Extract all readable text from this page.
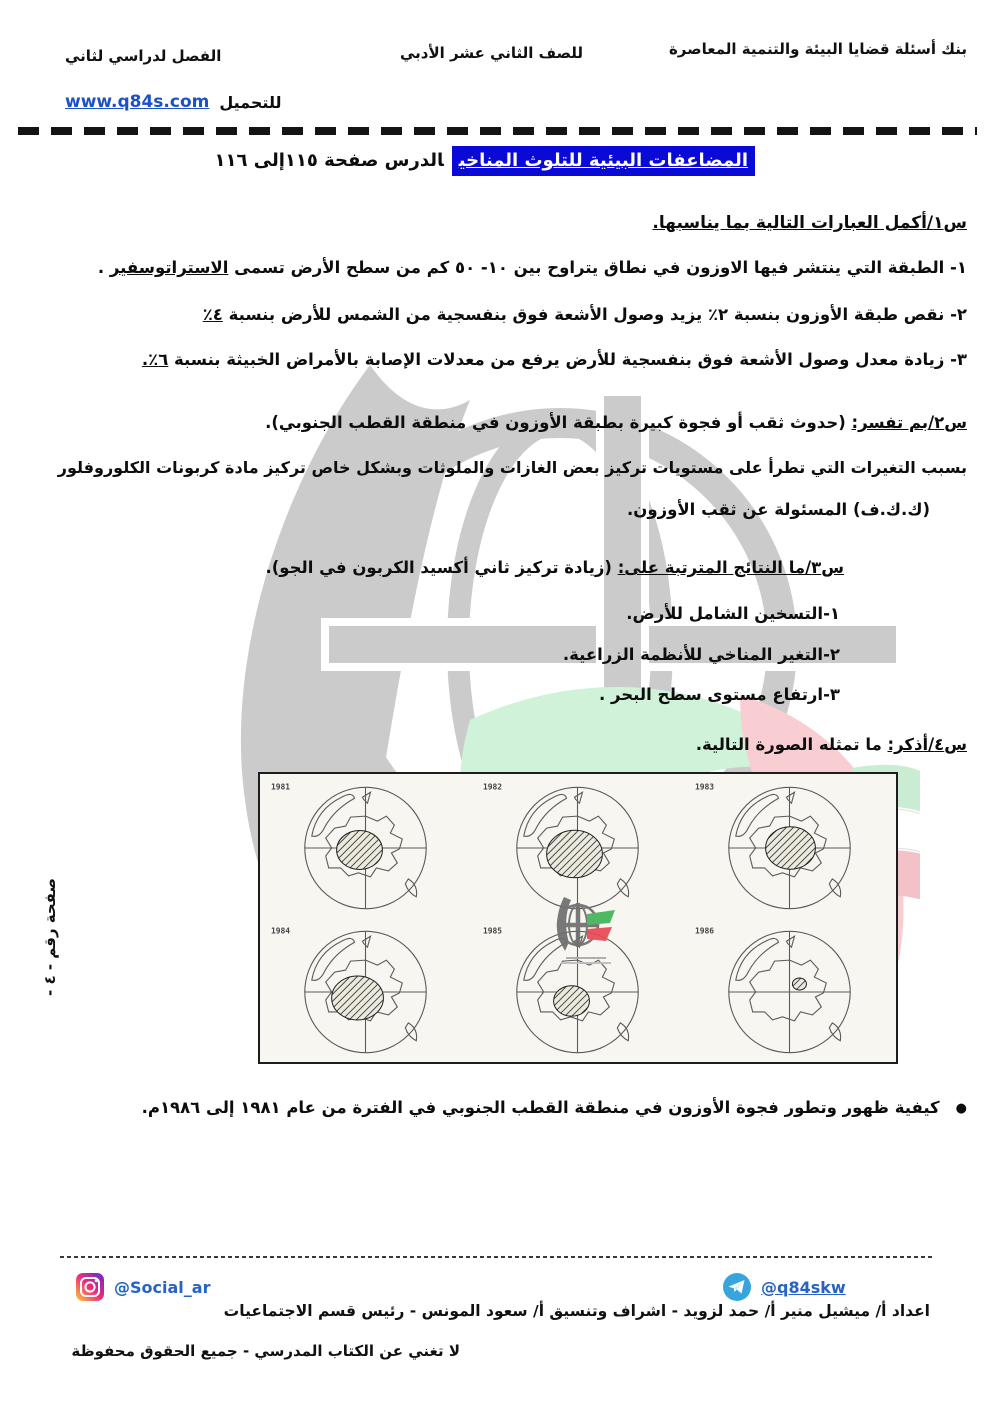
بنك أسئلة قضايا البيئة والتنمية المعاصرة
للصف الثاني عشر الأدبي
الفصل لدراسي لثاني
www.q84s.com للتحميل
المضاعفات البيئية للتلوث المناخيالدرس صفحة ١١٥إلى ١١٦
س١/أكمل العبارات التالية بما يناسبها.
١- الطبقة التي ينتشر فيها الاوزون في نطاق يتراوح بين ١٠- ٥٠ كم من سطح الأرض تسمى الاستراتوسفير .
٢- نقص طبقة الأوزون بنسبة ٢٪ يزيد وصول الأشعة فوق بنفسجية من الشمس للأرض بنسبة ٤٪
٣- زيادة معدل وصول الأشعة فوق بنفسجية للأرض يرفع من معدلات الإصابة بالأمراض الخبيثة بنسبة ٦٪.
س٢/بم تفسر: (حدوث ثقب أو فجوة كبيرة بطبقة الأوزون في منطقة القطب الجنوبي).
بسبب التغيرات التي تطرأ على مستويات تركيز بعض الغازات والملوثات وبشكل خاص تركيز مادة كربونات الكلوروفلور
(ك.ك.ف) المسئولة عن ثقب الأوزون.
س٣/ما النتائج المترتبة على: (زيادة تركيز ثاني أكسيد الكربون في الجو).
١-التسخين الشامل للأرض.
٢-التغير المناخي للأنظمة الزراعية.
٣-ارتفاع مستوى سطح البحر .
س٤/أذكر: ما تمثله الصورة التالية.
1981	1982	1983
1984	1985	1986
●
كيفية ظهور وتطور فجوة الأوزون في منطقة القطب الجنوبي في الفترة من عام ١٩٨١ إلى ١٩٨٦م.
صفحة رقم - ٤ -
@Social_ar	@q84skw
اعداد أ/ ميشيل منير أ/ حمد لزويد - اشراف وتنسيق أ/ سعود المونس - رئيس قسم الاجتماعيات
لا تغني عن الكتاب المدرسي - جميع الحقوق محفوظة
